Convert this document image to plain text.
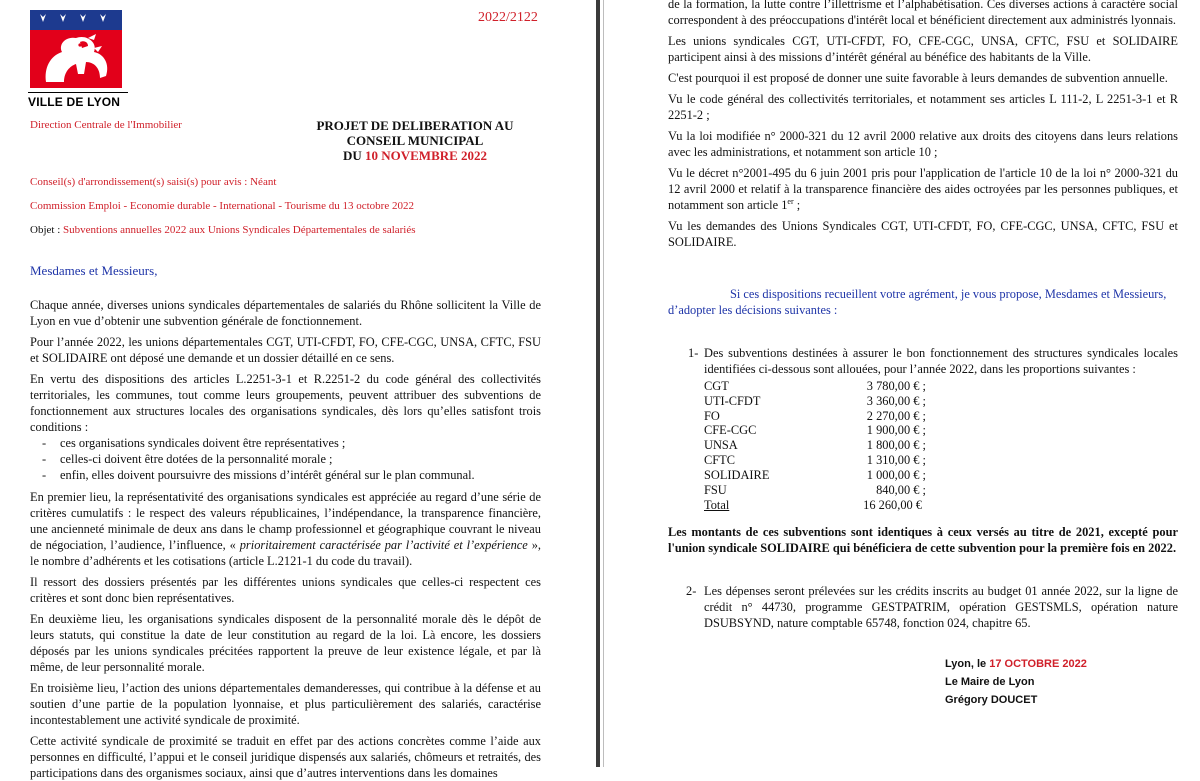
VILLE DE LYON
2022/2122
Direction Centrale de l'Immobilier	PROJET DE DELIBERATION AU
CONSEIL MUNICIPAL
DU 10 NOVEMBRE 2022
Conseil(s) d'arrondissement(s) saisi(s) pour avis : Néant
Commission Emploi - Economie durable - International - Tourisme du 13 octobre 2022
Objet : Subventions annuelles 2022 aux Unions Syndicales Départementales de salariés
Mesdames et Messieurs,

Chaque année, diverses unions syndicales départementales de salariés du Rhône sollicitent la Ville de Lyon en vue d’obtenir une subvention générale de fonctionnement.

Pour l’année 2022, les unions départementales CGT, UTI-CFDT, FO, CFE-CGC, UNSA, CFTC, FSU et SOLIDAIRE ont déposé une demande et un dossier détaillé en ce sens.

En vertu des dispositions des articles L.2251-3-1 et R.2251-2 du code général des collectivités territoriales, les communes, tout comme leurs groupements, peuvent attribuer des subventions de fonctionnement aux structures locales des organisations syndicales, dès lors qu’elles satisfont trois conditions :

- ces organisations syndicales doivent être représentatives ;
- celles-ci doivent être dotées de la personnalité morale ;
- enfin, elles doivent poursuivre des missions d’intérêt général sur le plan communal.

En premier lieu, la représentativité des organisations syndicales est appréciée au regard d’une série de critères cumulatifs : le respect des valeurs républicaines, l’indépendance, la transparence financière, une ancienneté minimale de deux ans dans le champ professionnel et géographique couvrant le niveau de négociation, l’audience, l’influence, « prioritairement caractérisée par l’activité et l’expérience », le nombre d’adhérents et les cotisations (article L.2121-1 du code du travail).

Il ressort des dossiers présentés par les différentes unions syndicales que celles-ci respectent ces critères et sont donc bien représentatives.

En deuxième lieu, les organisations syndicales disposent de la personnalité morale dès le dépôt de leurs statuts, qui constitue la date de leur constitution au regard de la loi. Là encore, les dossiers déposés par les unions syndicales précitées rapportent la preuve de leur existence légale, et par là même, de leur personnalité morale.

En troisième lieu, l’action des unions départementales demanderesses, qui contribue à la défense et au soutien d’une partie de la population lyonnaise, et plus particulièrement des salariés, caractérise incontestablement une activité syndicale de proximité.

Cette activité syndicale de proximité se traduit en effet par des actions concrètes comme l’aide aux personnes en difficulté, l’appui et le conseil juridique dispensés aux salariés, chômeurs et retraités, des participations dans des organismes sociaux, ainsi que d’autres interventions dans les domaines

de la formation, la lutte contre l’illettrisme et l’alphabétisation. Ces diverses actions à caractère social correspondent à des préoccupations d'intérêt local et bénéficient directement aux administrés lyonnais.

Les unions syndicales CGT, UTI-CFDT, FO, CFE-CGC, UNSA, CFTC, FSU et SOLIDAIRE participent ainsi à des missions d’intérêt général au bénéfice des habitants de la Ville.

C'est pourquoi il est proposé de donner une suite favorable à leurs demandes de subvention annuelle.

Vu le code général des collectivités territoriales, et notamment ses articles L 111-2, L 2251-3-1 et R 2251-2 ;

Vu la loi modifiée n° 2000-321 du 12 avril 2000 relative aux droits des citoyens dans leurs relations avec les administrations, et notamment son article 10 ;

Vu le décret n°2001-495 du 6 juin 2001 pris pour l'application de l'article 10 de la loi n° 2000-321 du 12 avril 2000 et relatif à la transparence financière des aides octroyées par les personnes publiques, et notamment son article 1er ;

Vu les demandes des Unions Syndicales CGT, UTI-CFDT, FO, CFE-CGC, UNSA, CFTC, FSU et SOLIDAIRE.

Si ces dispositions recueillent votre agrément, je vous propose, Mesdames et Messieurs,
d’adopter les décisions suivantes :
1- Des subventions destinées à assurer le bon fonctionnement des structures syndicales locales identifiées ci-dessous sont allouées, pour l’année 2022, dans les proportions suivantes :
CGT	3 780,00 € ;
UTI-CFDT	3 360,00 € ;
FO	2 270,00 € ;
CFE-CGC	1 900,00 € ;
UNSA	1 800,00 € ;
CFTC	1 310,00 € ;
SOLIDAIRE	1 000,00 € ;
FSU	840,00 € ;
Total	16 260,00 €
Les montants de ces subventions sont identiques à ceux versés au titre de 2021, excepté pour l'union syndicale SOLIDAIRE qui bénéficiera de cette subvention pour la première fois en 2022.
2- Les dépenses seront prélevées sur les crédits inscrits au budget 01 année 2022, sur la ligne de crédit n° 44730, programme GESTPATRIM, opération GESTSMLS, opération nature DSUBSYND, nature comptable 65748, fonction 024, chapitre 65.
Lyon, le 17 OCTOBRE 2022
Le Maire de Lyon
Grégory DOUCET
